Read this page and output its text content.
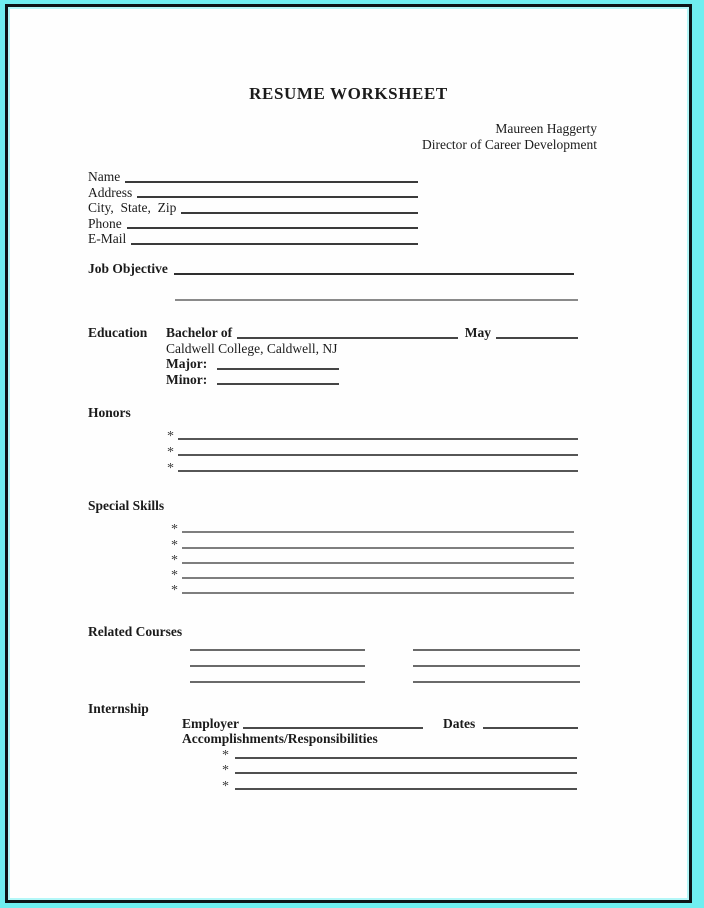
RESUME WORKSHEET
Maureen Haggerty
Director of Career Development
Name
Address
City,  State,  Zip
Phone
E-Mail
Job Objective
Education	Bachelor of	May
Caldwell College, Caldwell, NJ
Major:
Minor:
Honors
*
*
*
Special Skills
*
*
*
*
*
Related Courses
Internship
Employer	Dates
Accomplishments/Responsibilities
*
*
*
